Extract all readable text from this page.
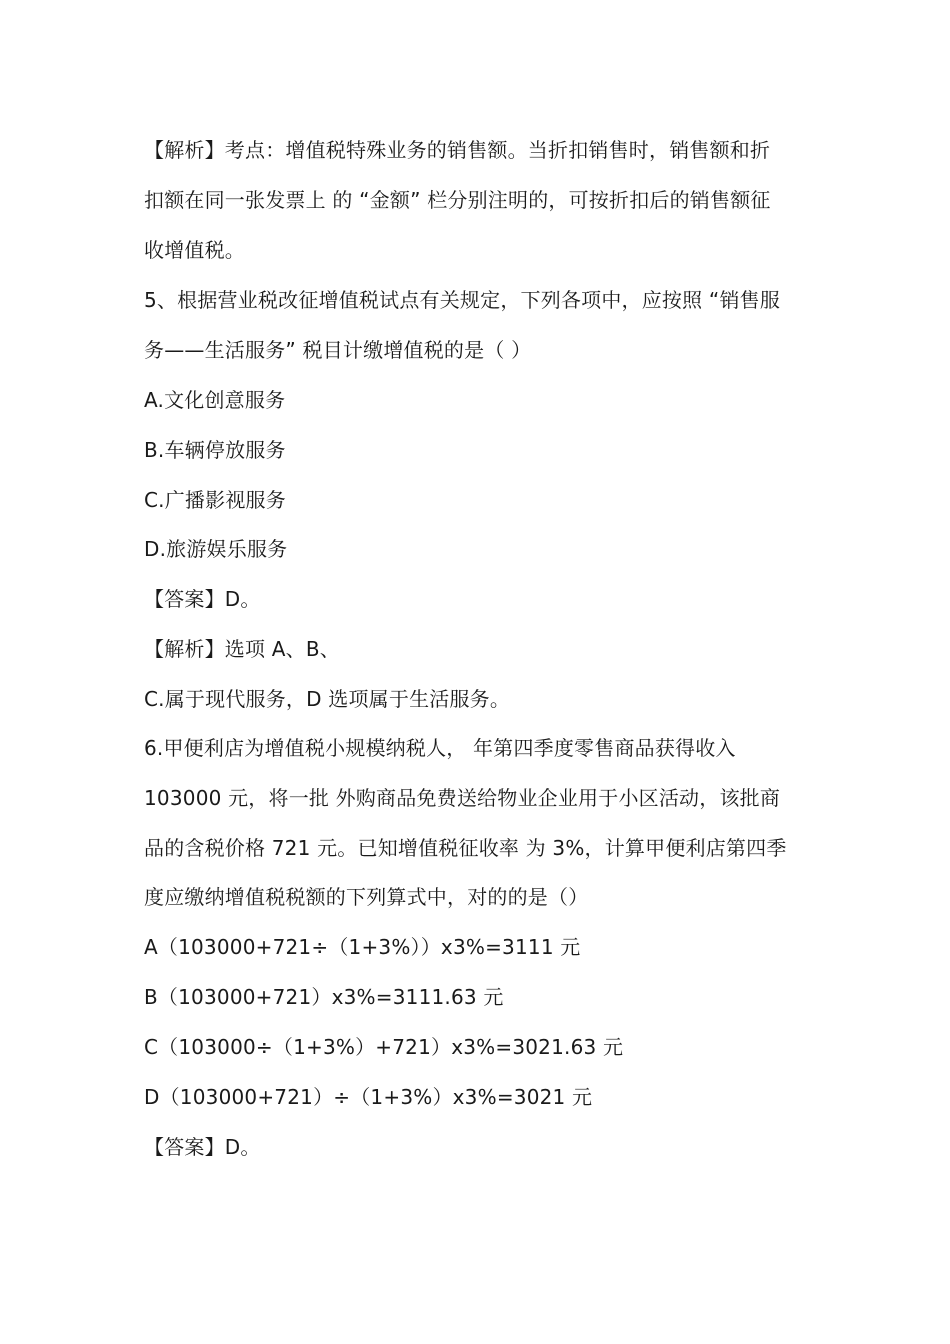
【解析】考点：增值税特殊业务的销售额。当折扣销售时，销售额和折
扣额在同一张发票上 的 “金额” 栏分别注明的，可按折扣后的销售额征
收增值税。
5、根据营业税改征增值税试点有关规定，下列各项中，应按照 “销售服
务——生活服务” 税目计缴增值税的是（ ）
A.文化创意服务
B.车辆停放服务
C.广播影视服务
D.旅游娱乐服务
【答案】D。
【解析】选项 A、B、
C.属于现代服务，D 选项属于生活服务。
6.甲便利店为增值税小规模纳税人， 年第四季度零售商品获得收入
103000 元，将一批 外购商品免费送给物业企业用于小区活动，该批商
品的含税价格 721 元。已知增值税征收率 为 3%，计算甲便利店第四季
度应缴纳增值税税额的下列算式中，对的的是（）
A（103000+721÷（1+3%））x3%=3111 元
B（103000+721）x3%=3111.63 元
C（103000÷（1+3%）+721）x3%=3021.63 元
D（103000+721）÷（1+3%）x3%=3021 元
【答案】D。
